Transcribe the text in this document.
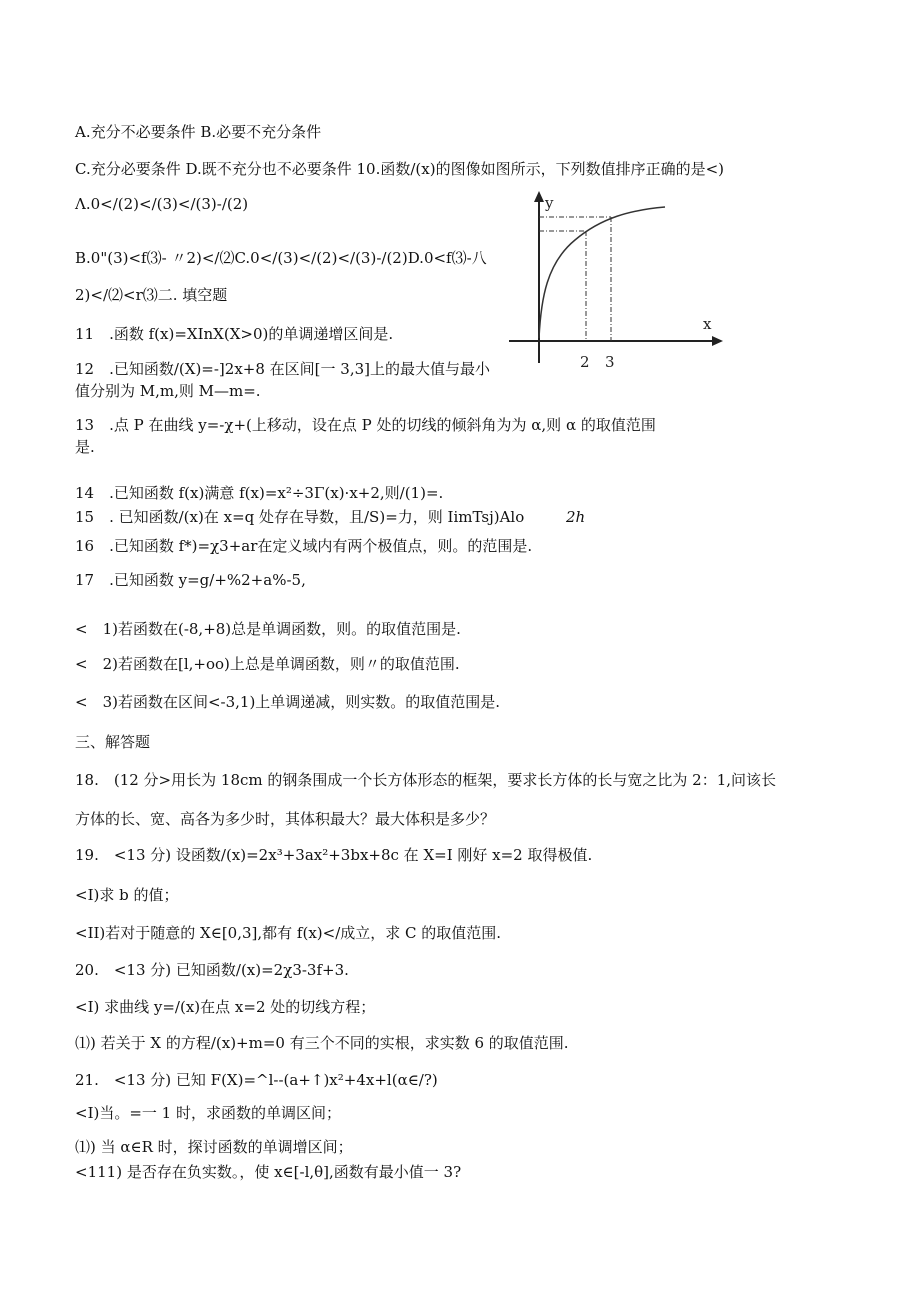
A.充分不必要条件 B.必要不充分条件
C.充分必要条件 D.既不充分也不必要条件 10.函数/(x)的图像如图所示，下列数值排序正确的是<)
Λ.0</(2)</(3)</(3)-/(2)
B.0"(3)<f⑶- 〃2)</⑵C.0</(3)</(2)</(3)-/(2)D.0<f⑶-八
2)</⑵<r⑶二. 填空题
y
x
2 3
11　.函数 f(x)=XInX(X>0)的单调递增区间是.
12　.已知函数/(X)=-]2x+8 在区间[一 3,3]上的最大值与最小
值分别为 M,m,则 M—m=.
13　.点 P 在曲线 y=-χ+(上移动，设在点 P 处的切线的倾斜角为为 α,则 α 的取值范围
是.
14　.已知函数 f(x)满意 f(x)=x²÷3Γ(x)·x+2,则/(1)=.
15　. 已知函数/(x)在 x=q 处存在导数，且/S)=力，则 IimTsj)Alo	2h
16　.已知函数 f*)=χ3+ar在定义域内有两个极值点，则。的范围是.
17　.已知函数 y=g/+%2+a%-5,
<　1)若函数在(-8,+8)总是单调函数，则。的取值范围是.
<　2)若函数在[l,+oo)上总是单调函数，则〃的取值范围.
<　3)若函数在区间<-3,1)上单调递减，则实数。的取值范围是.
三、解答题
18.　(12 分>用长为 18cm 的钢条围成一个长方体形态的框架，要求长方体的长与宽之比为 2：1,问该长
方体的长、宽、高各为多少时，其体积最大？最大体积是多少？
19.　<13 分) 设函数/(x)=2x³+3ax²+3bx+8c 在 X=I 刚好 x=2 取得极值.
<I)求 b 的值；
<II)若对于随意的 X∈[0,3],都有 f(x)</成立，求 C 的取值范围.
20.　<13 分) 已知函数/(x)=2χ3-3f+3.
<I) 求曲线 y=/(x)在点 x=2 处的切线方程；
⑴) 若关于 X 的方程/(x)+m=0 有三个不同的实根，求实数 6 的取值范围.
21.　<13 分) 已知 F(X)=^l--(a+↑)x²+4x+l(α∈/?)
<I)当。=一 1 时，求函数的单调区间；
⑴) 当 α∈R 时，探讨函数的单调增区间；
<111) 是否存在负实数。，使 x∈[-l,θ],函数有最小值一 3?
